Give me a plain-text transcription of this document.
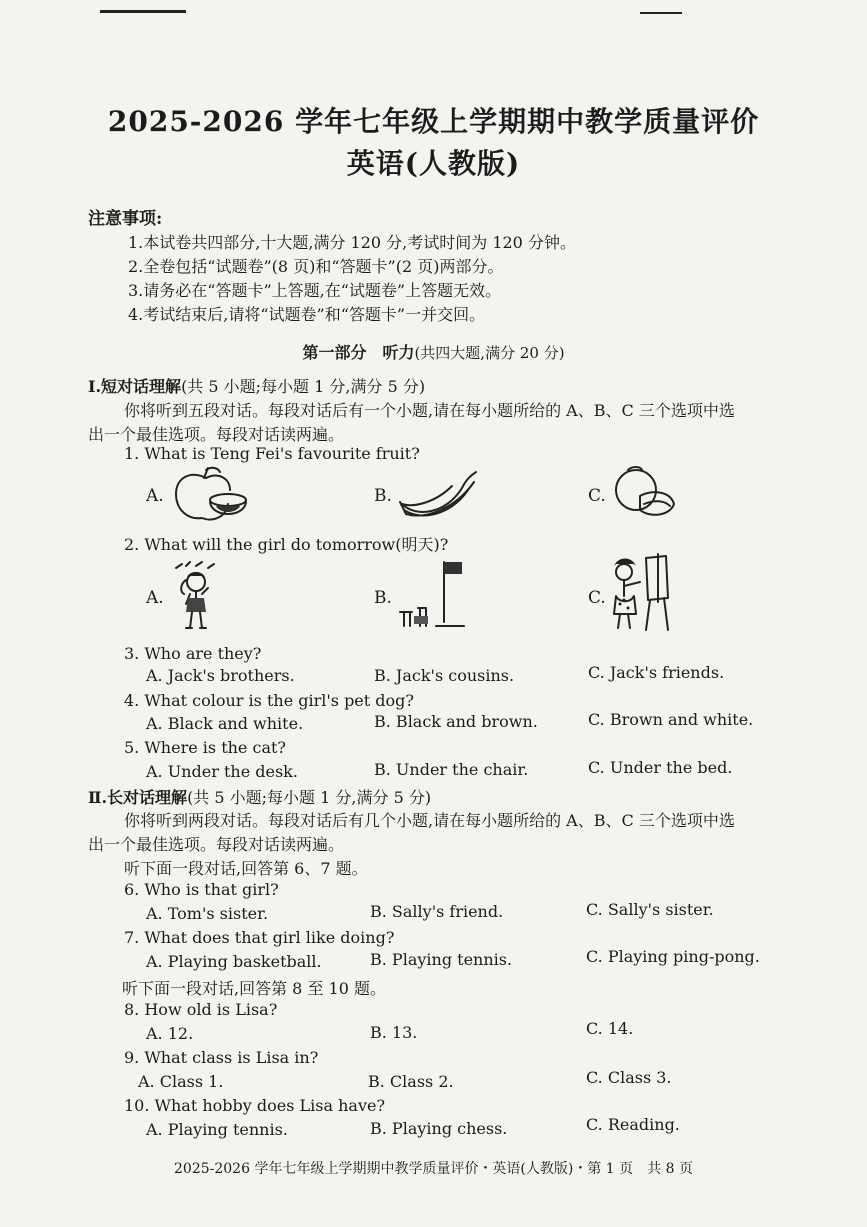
2025-2026 学年七年级上学期期中教学质量评价
英语(人教版)
注意事项:
1.本试卷共四部分,十大题,满分 120 分,考试时间为 120 分钟。
2.全卷包括“试题卷”(8 页)和“答题卡”(2 页)两部分。
3.请务必在“答题卡”上答题,在“试题卷”上答题无效。
4.考试结束后,请将“试题卷”和“答题卡”一并交回。
第一部分　听力(共四大题,满分 20 分)
Ⅰ.短对话理解(共 5 小题;每小题 1 分,满分 5 分)
你将听到五段对话。每段对话后有一个小题,请在每小题所给的 A、B、C 三个选项中选
出一个最佳选项。每段对话读两遍。
1. What is Teng Fei's favourite fruit?
A.	B.	C.
2. What will the girl do tomorrow(明天)?
A.	B.	C.
3. Who are they?
A. Jack's brothers.	B. Jack's cousins.	C. Jack's friends.
4. What colour is the girl's pet dog?
A. Black and white.	B. Black and brown.	C. Brown and white.
5. Where is the cat?
A. Under the desk.	B. Under the chair.	C. Under the bed.
Ⅱ.长对话理解(共 5 小题;每小题 1 分,满分 5 分)
你将听到两段对话。每段对话后有几个小题,请在每小题所给的 A、B、C 三个选项中选
出一个最佳选项。每段对话读两遍。
听下面一段对话,回答第 6、7 题。
6. Who is that girl?
A. Tom's sister.	B. Sally's friend.	C. Sally's sister.
7. What does that girl like doing?
A. Playing basketball.	B. Playing tennis.	C. Playing ping-pong.
听下面一段对话,回答第 8 至 10 题。
8. How old is Lisa?
A. 12.	B. 13.	C. 14.
9. What class is Lisa in?
A. Class 1.	B. Class 2.	C. Class 3.
10. What hobby does Lisa have?
A. Playing tennis.	B. Playing chess.	C. Reading.
2025-2026 学年七年级上学期期中教学质量评价・英语(人教版)・第 1 页　共 8 页
